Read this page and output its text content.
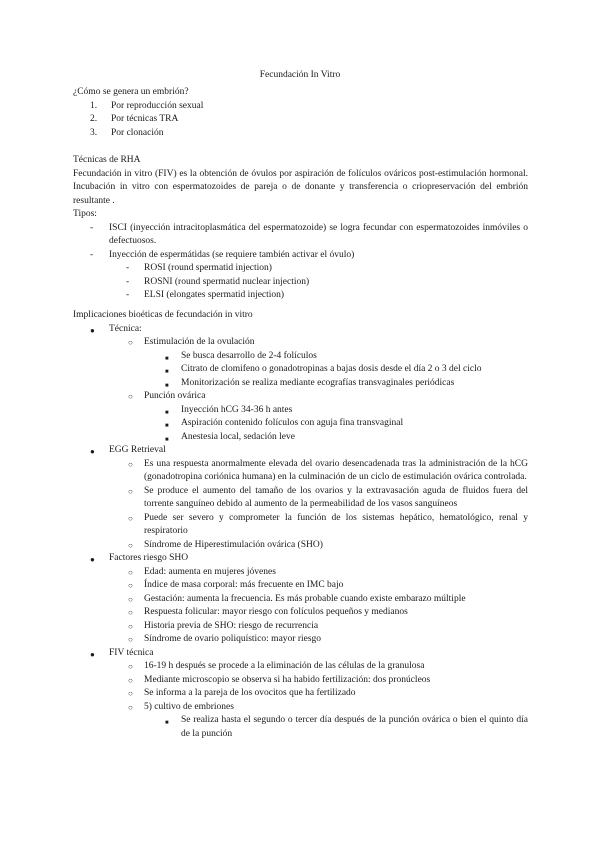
Fecundación In Vitro
¿Cómo se genera un embrión?
1. Por reproducción sexual
2. Por técnicas TRA
3. Por clonación
Técnicas de RHA
Fecundación in vitro (FIV) es la obtención de óvulos por aspiración de folículos ováricos post-estimulación hormonal. Incubación in vitro con espermatozoides de pareja o de donante y transferencia o criopreservación del embrión resultante .
Tipos:
- ISCI (inyección intracitoplasmática del espermatozoide) se logra fecundar con espermatozoides inmóviles o defectuosos.
- Inyección de espermátidas (se requiere también activar el óvulo)
- ROSI (round spermatid injection)
- ROSNI (round spermatid nuclear injection)
- ELSI (elongates spermatid injection)
Implicaciones bioéticas de fecundación in vitro
● Técnica:
○ Estimulación de la ovulación
■ Se busca desarrollo de 2-4 folículos
■ Citrato de clomifeno o gonadotropinas a bajas dosis desde el día 2 o 3 del ciclo
■ Monitorización se realiza mediante ecografías transvaginales periódicas
○ Punción ovárica
■ Inyección hCG 34-36 h antes
■ Aspiración contenido folículos con aguja fina transvaginal
■ Anestesia local, sedación leve
● EGG Retrieval
○ Es una respuesta anormalmente elevada del ovario desencadenada tras la administración de la hCG (gonadotropina coriónica humana) en la culminación de un ciclo de estimulación ovárica controlada.
○ Se produce el aumento del tamaño de los ovarios y la extravasación aguda de fluidos fuera del torrente sanguíneo debido al aumento de la permeabilidad de los vasos sanguíneos
○ Puede ser severo y comprometer la función de los sistemas hepático, hematológico, renal y respiratorio
○ Síndrome de Hiperestimulación ovárica (SHO)
● Factores riesgo SHO
○ Edad: aumenta en mujeres jóvenes
○ Índice de masa corporal: más frecuente en IMC bajo
○ Gestación: aumenta la frecuencia. Es más probable cuando existe embarazo múltiple
○ Respuesta folicular: mayor riesgo con folículos pequeños y medianos
○ Historia previa de SHO: riesgo de recurrencia
○ Síndrome de ovario poliquístico: mayor riesgo
● FIV técnica
○ 16-19 h después se procede a la eliminación de las células de la granulosa
○ Mediante microscopio se observa si ha habido fertilización: dos pronúcleos
○ Se informa a la pareja de los ovocitos que ha fertilizado
○ 5) cultivo de embriones
■ Se realiza hasta el segundo o tercer día después de la punción ovárica o bien el quinto día de la punción
